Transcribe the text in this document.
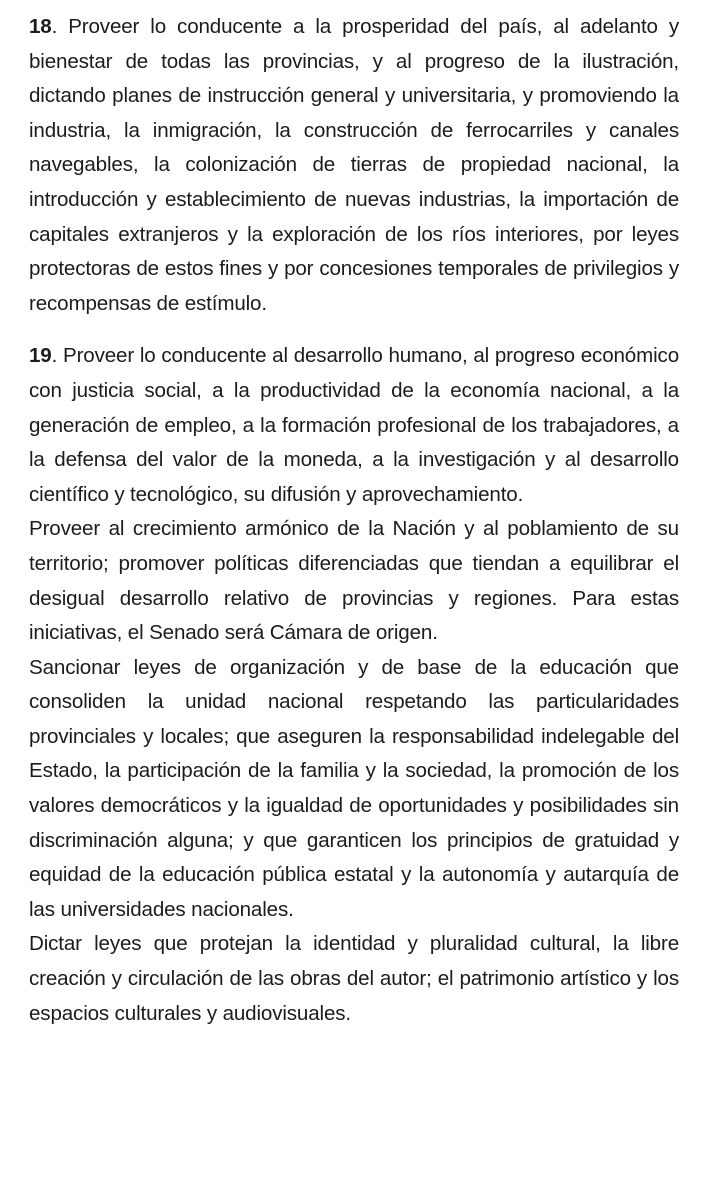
18. Proveer lo conducente a la prosperidad del país, al adelanto y bienestar de todas las provincias, y al progreso de la ilustración, dictando planes de instrucción general y universitaria, y promoviendo la industria, la inmigración, la construcción de ferrocarriles y canales navegables, la colonización de tierras de propiedad nacional, la introducción y establecimiento de nuevas industrias, la importación de capitales extranjeros y la exploración de los ríos interiores, por leyes protectoras de estos fines y por concesiones temporales de privilegios y recompensas de estímulo.

19. Proveer lo conducente al desarrollo humano, al progreso económico con justicia social, a la productividad de la economía nacional, a la generación de empleo, a la formación profesional de los trabajadores, a la defensa del valor de la moneda, a la investigación y al desarrollo científico y tecnológico, su difusión y aprovechamiento.

Proveer al crecimiento armónico de la Nación y al poblamiento de su territorio; promover políticas diferenciadas que tiendan a equilibrar el desigual desarrollo relativo de provincias y regiones. Para estas iniciativas, el Senado será Cámara de origen.

Sancionar leyes de organización y de base de la educación que consoliden la unidad nacional respetando las particularidades provinciales y locales; que aseguren la responsabilidad indelegable del Estado, la participación de la familia y la sociedad, la promoción de los valores democráticos y la igualdad de oportunidades y posibilidades sin discriminación alguna; y que garanticen los principios de gratuidad y equidad de la educación pública estatal y la autonomía y autarquía de las universidades nacionales.

Dictar leyes que protejan la identidad y pluralidad cultural, la libre creación y circulación de las obras del autor; el patrimonio artístico y los espacios culturales y audiovisuales.
